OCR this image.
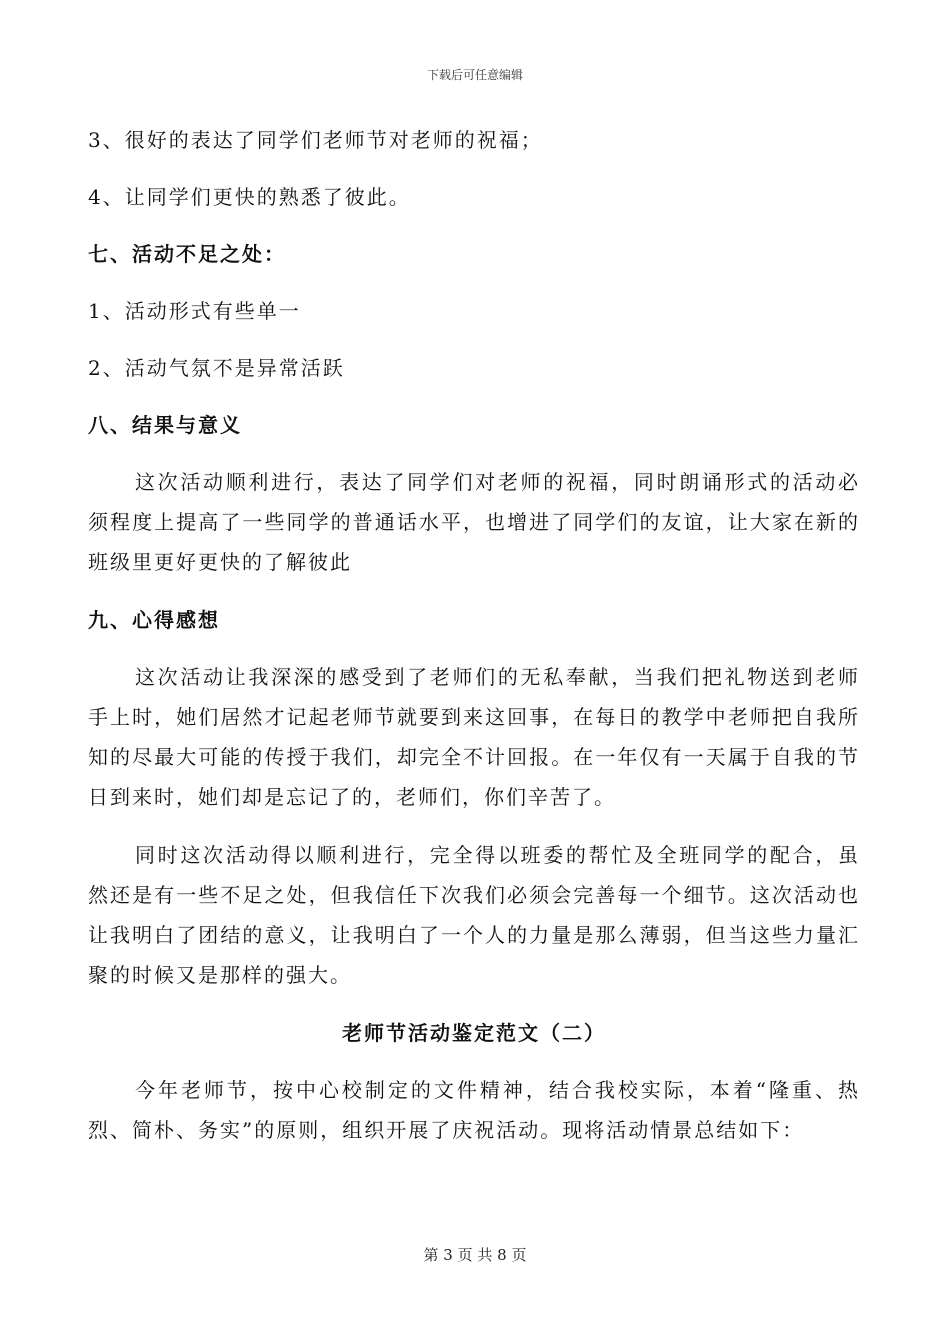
下载后可任意编辑

3、很好的表达了同学们老师节对老师的祝福；

4、让同学们更快的熟悉了彼此。

七、活动不足之处：

1、活动形式有些单一

2、活动气氛不是异常活跃

八、结果与意义

这次活动顺利进行，表达了同学们对老师的祝福，同时朗诵形式的活动必须程度上提高了一些同学的普通话水平，也增进了同学们的友谊，让大家在新的班级里更好更快的了解彼此

九、心得感想

这次活动让我深深的感受到了老师们的无私奉献，当我们把礼物送到老师手上时，她们居然才记起老师节就要到来这回事，在每日的教学中老师把自我所知的尽最大可能的传授于我们，却完全不计回报。在一年仅有一天属于自我的节日到来时，她们却是忘记了的，老师们，你们辛苦了。

同时这次活动得以顺利进行，完全得以班委的帮忙及全班同学的配合，虽然还是有一些不足之处，但我信任下次我们必须会完善每一个细节。这次活动也让我明白了团结的意义，让我明白了一个人的力量是那么薄弱，但当这些力量汇聚的时候又是那样的强大。

老师节活动鉴定范文（二）

今年老师节，按中心校制定的文件精神，结合我校实际，本着“隆重、热烈、简朴、务实”的原则，组织开展了庆祝活动。现将活动情景总结如下：

第 3 页 共 8 页
